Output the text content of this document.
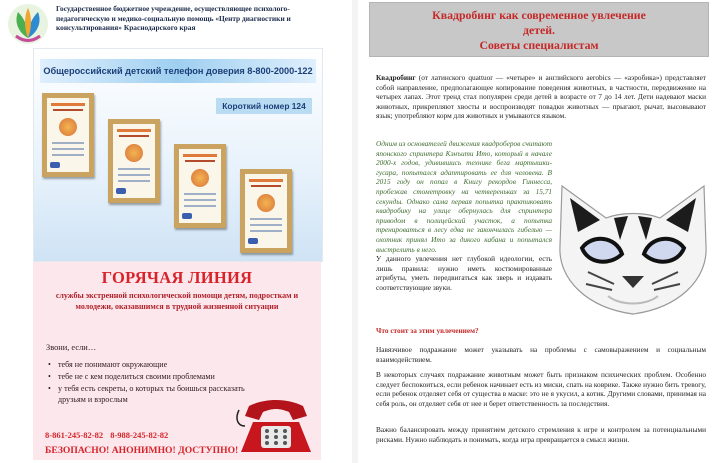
Государственное бюджетное учреждение, осуществляющее психолого-педагогическую и медико-социальную помощь «Центр диагностики и консультирования» Краснодарского края
Общероссийский детский телефон доверия 8-800-2000-122
Короткий номер 124
ГОРЯЧАЯ ЛИНИЯ
службы экстренной психологической помощи детям, подросткам и молодежи, оказавшимся в трудной жизненной ситуации
Звони, если…
• тебя не понимают окружающие
• тебе не с кем поделиться своими проблемами
• у тебя есть секреты, о которых ты боишься рассказать друзьям и взрослым
8-861-245-82-82 8-988-245-82-82
БЕЗОПАСНО! АНОНИМНО! ДОСТУПНО!
Квадробинг как современное увлечение
детей.
Советы специалистам

Квадробинг (от латинского quattuor — «четыре» и английского aerobics — «аэробика») представляет собой направление, предполагающее копирование поведения животных, в частности, передвижение на четырех лапах. Этот тренд стал популярен среди детей в возрасте от 7 до 14 лет. Дети надевают маски животных, прикрепляют хвосты и воспроизводят повадки животных — прыгают, рычат, высовывают язык; употребляют корм для животных и умываются языком.

Одним из основателей движения квадроберов считают японского спринтера Кэнъити Ито, который в начале 2000-х годов, удивившись технике бега мартышки-гусара, попытался адаптировать ее для человека. В 2015 году он попал в Книгу рекордов Гиннесса, пробежав стометровку на четвереньках за 15,71 секунды. Однако сама первая попытка практиковать квадробику на улице обернулась для спринтера приводом в полицейский участок, а попытка тренироваться в лесу едва не закончилась гибелью — охотник принял Ито за дикого кабана и попытался выстрелить в него.

У данного увлечения нет глубокой идеологии, есть лишь правила: нужно иметь костюмированные атрибуты, уметь передвигаться как зверь и издавать соответствующие звуки.

Что стоит за этим увлечением?

Навязчивое подражание может указывать на проблемы с самовыражением и социальным взаимодействием.

В некоторых случаях подражание животным может быть признаком психических проблем. Особенно следует беспокоиться, если ребенок начинает есть из миски, спать на коврике. Также нужно бить тревогу, если ребенок отделяет себя от существа в маске: это не я укусил, а котик. Другими словами, принимая на себя роль, он отделяет себя от нее и берет ответственность за последствия.

Важно балансировать между принятием детского стремления к игре и контролем за потенциальными рисками. Нужно наблюдать и понимать, когда игра превращается в смысл жизни.
